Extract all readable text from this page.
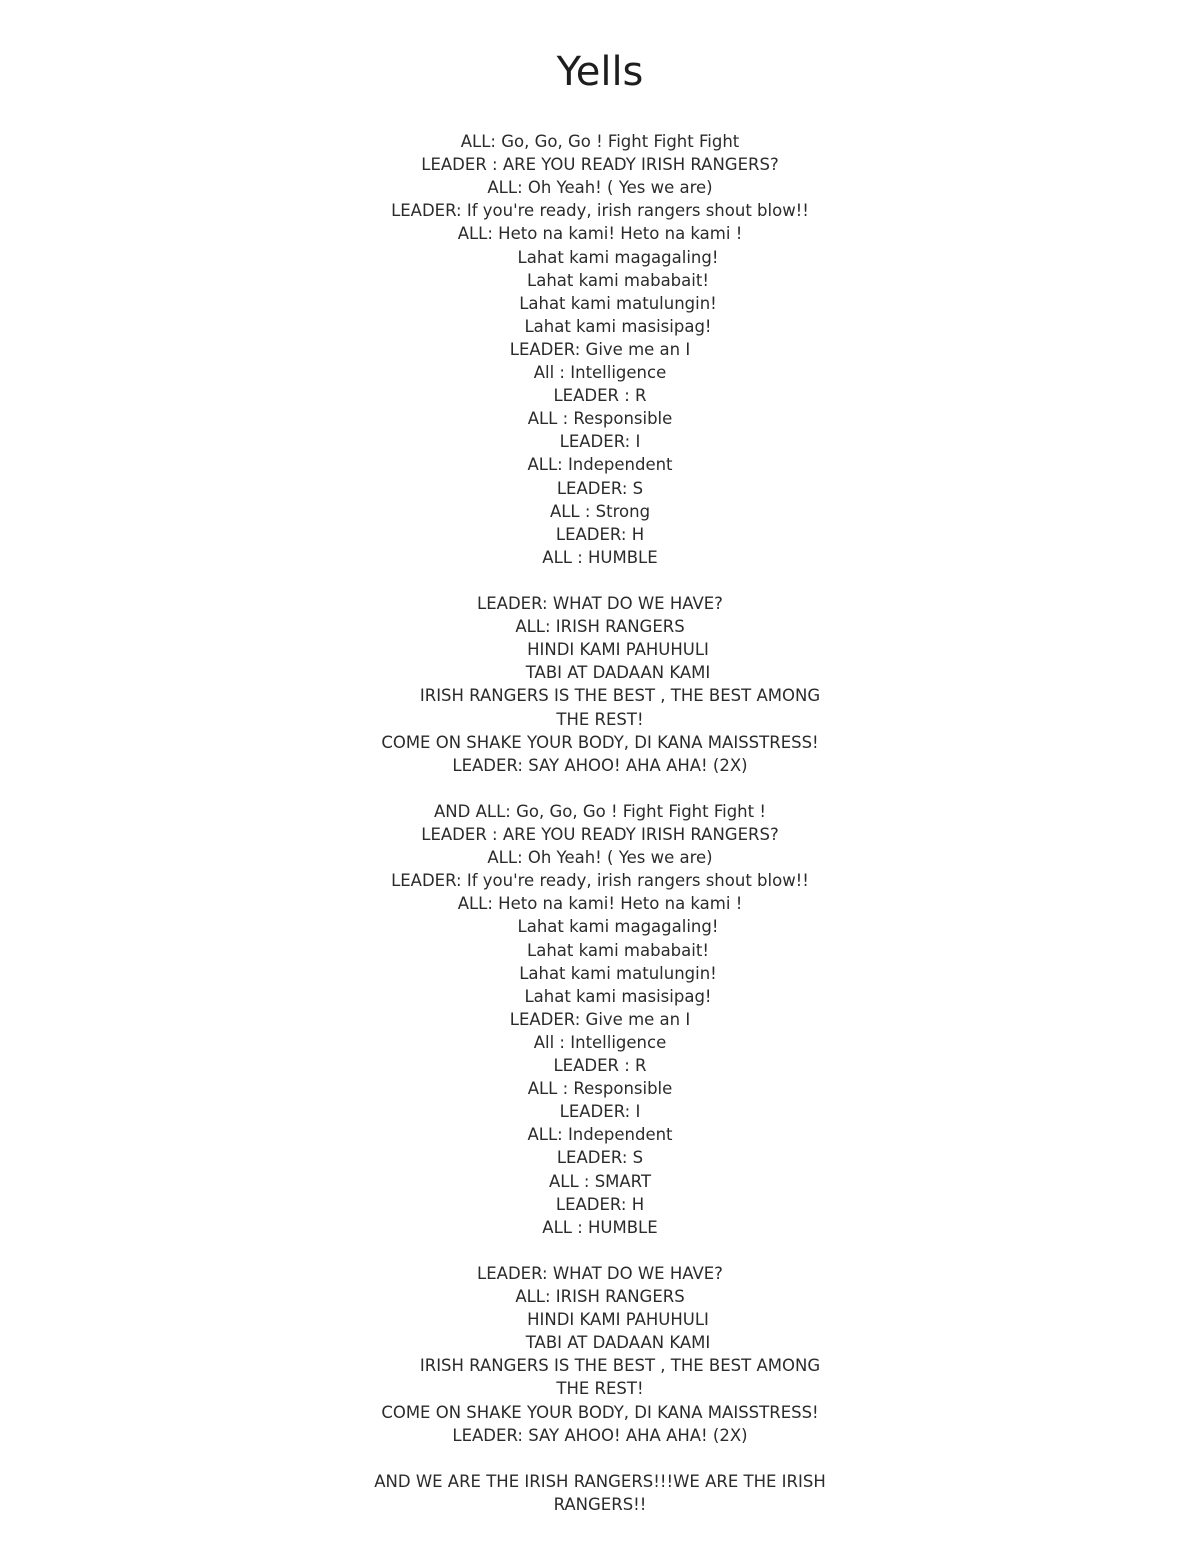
Yells
ALL: Go, Go, Go ! Fight Fight Fight
LEADER : ARE YOU READY IRISH RANGERS?
ALL: Oh Yeah! ( Yes we are)
LEADER: If you're ready, irish rangers shout blow!!
ALL: Heto na kami! Heto na kami !
Lahat kami magagaling!
Lahat kami mababait!
Lahat kami matulungin!
Lahat kami masisipag!
LEADER: Give me an I
All : Intelligence
LEADER : R
ALL : Responsible
LEADER: I
ALL: Independent
LEADER: S
ALL : Strong
LEADER: H
ALL : HUMBLE
LEADER: WHAT DO WE HAVE?
ALL: IRISH RANGERS
HINDI KAMI PAHUHULI
TABI AT DADAAN KAMI
IRISH RANGERS IS THE BEST , THE BEST AMONG
THE REST!
COME ON SHAKE YOUR BODY, DI KANA MAISSTRESS!
LEADER: SAY AHOO! AHA AHA! (2X)
AND ALL: Go, Go, Go ! Fight Fight Fight !
LEADER : ARE YOU READY IRISH RANGERS?
ALL: Oh Yeah! ( Yes we are)
LEADER: If you're ready, irish rangers shout blow!!
ALL: Heto na kami! Heto na kami !
Lahat kami magagaling!
Lahat kami mababait!
Lahat kami matulungin!
Lahat kami masisipag!
LEADER: Give me an I
All : Intelligence
LEADER : R
ALL : Responsible
LEADER: I
ALL: Independent
LEADER: S
ALL : SMART
LEADER: H
ALL : HUMBLE
LEADER: WHAT DO WE HAVE?
ALL: IRISH RANGERS
HINDI KAMI PAHUHULI
TABI AT DADAAN KAMI
IRISH RANGERS IS THE BEST , THE BEST AMONG
THE REST!
COME ON SHAKE YOUR BODY, DI KANA MAISSTRESS!
LEADER: SAY AHOO! AHA AHA! (2X)
AND WE ARE THE IRISH RANGERS!!!WE ARE THE IRISH
RANGERS!!
